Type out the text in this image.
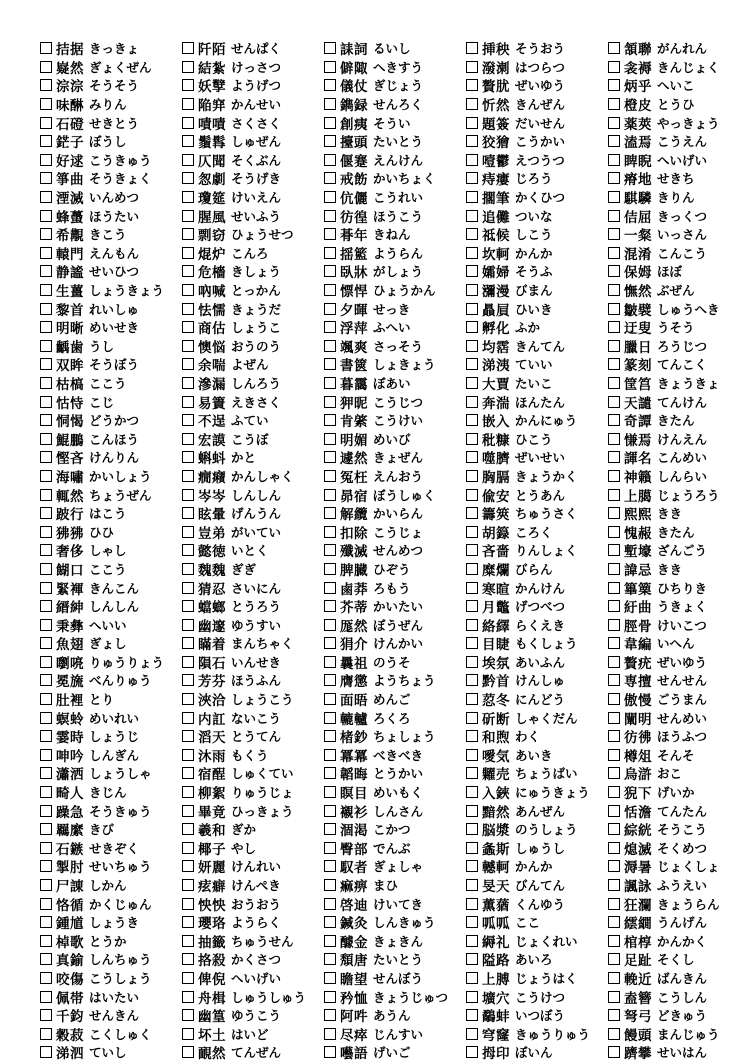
拮据 きっきょ
嶷然 ぎょくぜん
淙淙 そうそう
味醂 みりん
石磴 せきとう
鋩子 ぼうし
好逑 こうきゅう
箏曲 そうきょく
湮滅 いんめつ
蜂蠆 ほうたい
希覯 きこう
轅門 えんもん
静謐 せいひつ
生薑 しょうきょう
黎首 れいしゅ
明晰 めいせき
齲歯 うし
双眸 そうぼう
枯槁 ここう
怙恃 こじ
恫愒 どうかつ
鯤鵬 こんほう
慳吝 けんりん
海嘯 かいしょう
輒然 ちょうぜん
跛行 はこう
狒狒 ひひ
奢侈 しゃし
餬口 ここう
緊褌 きんこん
縉紳 しんしん
秉彝 へいい
魚翅 ぎょし
嚠喨 りゅうりょう
冕旒 べんりゅう
肚裡 とり
螟蛉 めいれい
霎時 しょうじ
呻吟 しんぎん
瀟洒 しょうしゃ
畸人 きじん
躁急 そうきゅう
羈縻 きび
石鏃 せきぞく
掣肘 せいちゅう
尸諌 しかん
恪循 かくじゅん
鍾馗 しょうき
棹歌 とうか
真鍮 しんちゅう
咬傷 こうしょう
佩帯 はいたい
千鈞 せんきん
穀菽 こくしゅく
涕泗 ていし
阡陌 せんぱく
結紮 けっさつ
妖孼 ようげつ
陥穽 かんせい
嘖嘖 さくさく
鬚髥 しゅぜん
仄聞 そくぶん
怱劇 そうげき
瓊筵 けいえん
腥風 せいふう
剽窃 ひょうせつ
焜炉 こんろ
危檣 きしょう
吶喊 とっかん
怯懦 きょうだ
商估 しょうこ
懊悩 おうのう
余喘 よぜん
滲漏 しんろう
易簀 えきさく
不逞 ふてい
宏謨 こうぼ
蝌蚪 かと
癇癪 かんしゃく
岑岑 しんしん
眩暈 げんうん
豈弟 がいてい
懿徳 いとく
魏魏 ぎぎ
猜忍 さいにん
蟷螂 とうろう
幽邃 ゆうすい
瞞着 まんちゃく
隕石 いんせき
芳芬 ほうふん
浹洽 しょうこう
内訌 ないこう
滔天 とうてん
沐雨 もくう
宿酲 しゅくてい
柳絮 りゅうじょ
畢竟 ひっきょう
羲和 ぎか
椰子 やし
妍麗 けんれい
痃癖 けんぺき
怏怏 おうおう
瓔珞 ようらく
抽籤 ちゅうせん
挌殺 かくさつ
俾倪 へいげい
舟楫 しゅうしゅう
幽篁 ゆうこう
坏土 はいど
靦然 てんぜん
誄詞 るいし
僻陬 へきすう
儀仗 ぎじょう
鐫録 せんろく
創痍 そうい
擡頭 たいとう
偃蹇 えんけん
戒飭 かいちょく
伉儷 こうれい
彷徨 ほうこう
朞年 きねん
揺籃 ようらん
臥牀 がしょう
慓悍 ひょうかん
夕暉 せっき
浮萍 ふへい
颯爽 さっそう
書篋 しょきょう
暮靄 ぼあい
狎昵 こうじつ
肯綮 こうけい
明媚 めいび
遽然 きょぜん
冤枉 えんおう
昴宿 ぼうしゅく
解纜 かいらん
扣除 こうじょ
殲滅 せんめつ
脾臓 ひぞう
鹵莽 ろもう
芥蒂 かいたい
厖然 ぼうぜん
狷介 けんかい
曩祖 のうそ
膺懲 ようちょう
面晤 めんご
轆轤 ろくろ
楮鈔 ちょしょう
冪冪 べきべき
韜晦 とうかい
瞑目 めいもく
襯衫 しんさん
涸渇 こかつ
臀部 でんぶ
馭者 ぎょしゃ
痲痹 まひ
啓迪 けいてき
鍼灸 しんきゅう
醵金 きょきん
頽唐 たいとう
瞻望 せんぼう
矜恤 きょうじゅつ
阿吽 あうん
尽瘁 じんすい
囈語 げいご
挿秧 そうおう
潑溂 はつらつ
贅肬 ぜいゆう
忻然 きんぜん
題簽 だいせん
狡獪 こうかい
噎鬱 えつうつ
痔瘻 じろう
擱筆 かくひつ
追儺 ついな
祗候 しこう
坎軻 かんか
孀婦 そうふ
瀰漫 びまん
贔屓 ひいき
孵化 ふか
均霑 きんてん
涕洟 ていい
大賈 たいこ
奔湍 ほんたん
嵌入 かんにゅう
秕糠 ひこう
噬臍 ぜいせい
胸膈 きょうかく
偸安 とうあん
籌筴 ちゅうさく
胡籙 ころく
吝嗇 りんしょく
糜爛 びらん
寒暄 かんけん
月鼈 げつべつ
絡繹 らくえき
目睫 もくしょう
埃氛 あいふん
黔首 けんしゅ
荵冬 にんどう
斫断 しゃくだん
和煦 わく
噯気 あいき
糶売 ちょうばい
入鋏 にゅうきょう
黯然 あんぜん
脳漿 のうしょう
螽斯 しゅうし
轗軻 かんか
旻天 びんてん
薫蕕 くんゆう
呱呱 ここ
縟礼 じょくれい
隘路 あいろ
上膊 じょうはく
壙穴 こうけつ
鷸蚌 いつぼう
穹窿 きゅうりゅう
拇印 ぼいん
頷聯 がんれん
衾褥 きんじょく
炳乎 へいこ
橙皮 とうひ
薬莢 やっきょう
溘焉 こうえん
睥睨 へいげい
瘠地 せきち
騏驎 きりん
佶屈 きっくつ
一粲 いっさん
混淆 こんこう
保姆 ほぼ
憮然 ぶぜん
皺襞 しゅうへき
迂叟 うそう
臘日 ろうじつ
篆刻 てんこく
筐筥 きょうきょ
天譴 てんけん
奇譚 きたん
慊焉 けんえん
諢名 こんめい
神籟 しんらい
上臈 じょうろう
熙熙 きき
愧赧 きたん
塹壕 ざんごう
諱忌 きき
篳篥 ひちりき
紆曲 うきょく
脛骨 けいこつ
韋編 いへん
贅疣 ぜいゆう
専擅 せんせん
傲慢 ごうまん
闡明 せんめい
彷彿 ほうふつ
樽俎 そんそ
烏滸 おこ
猊下 げいか
恬澹 てんたん
綜絖 そうこう
熄滅 そくめつ
溽暑 じょくしょ
諷詠 ふうえい
狂瀾 きょうらん
繧繝 うんげん
棺椁 かんかく
足趾 そくし
輓近 ばんきん
盍簪 こうしん
弩弓 どきゅう
饅頭 まんじゅう
躋攀 せいはん
